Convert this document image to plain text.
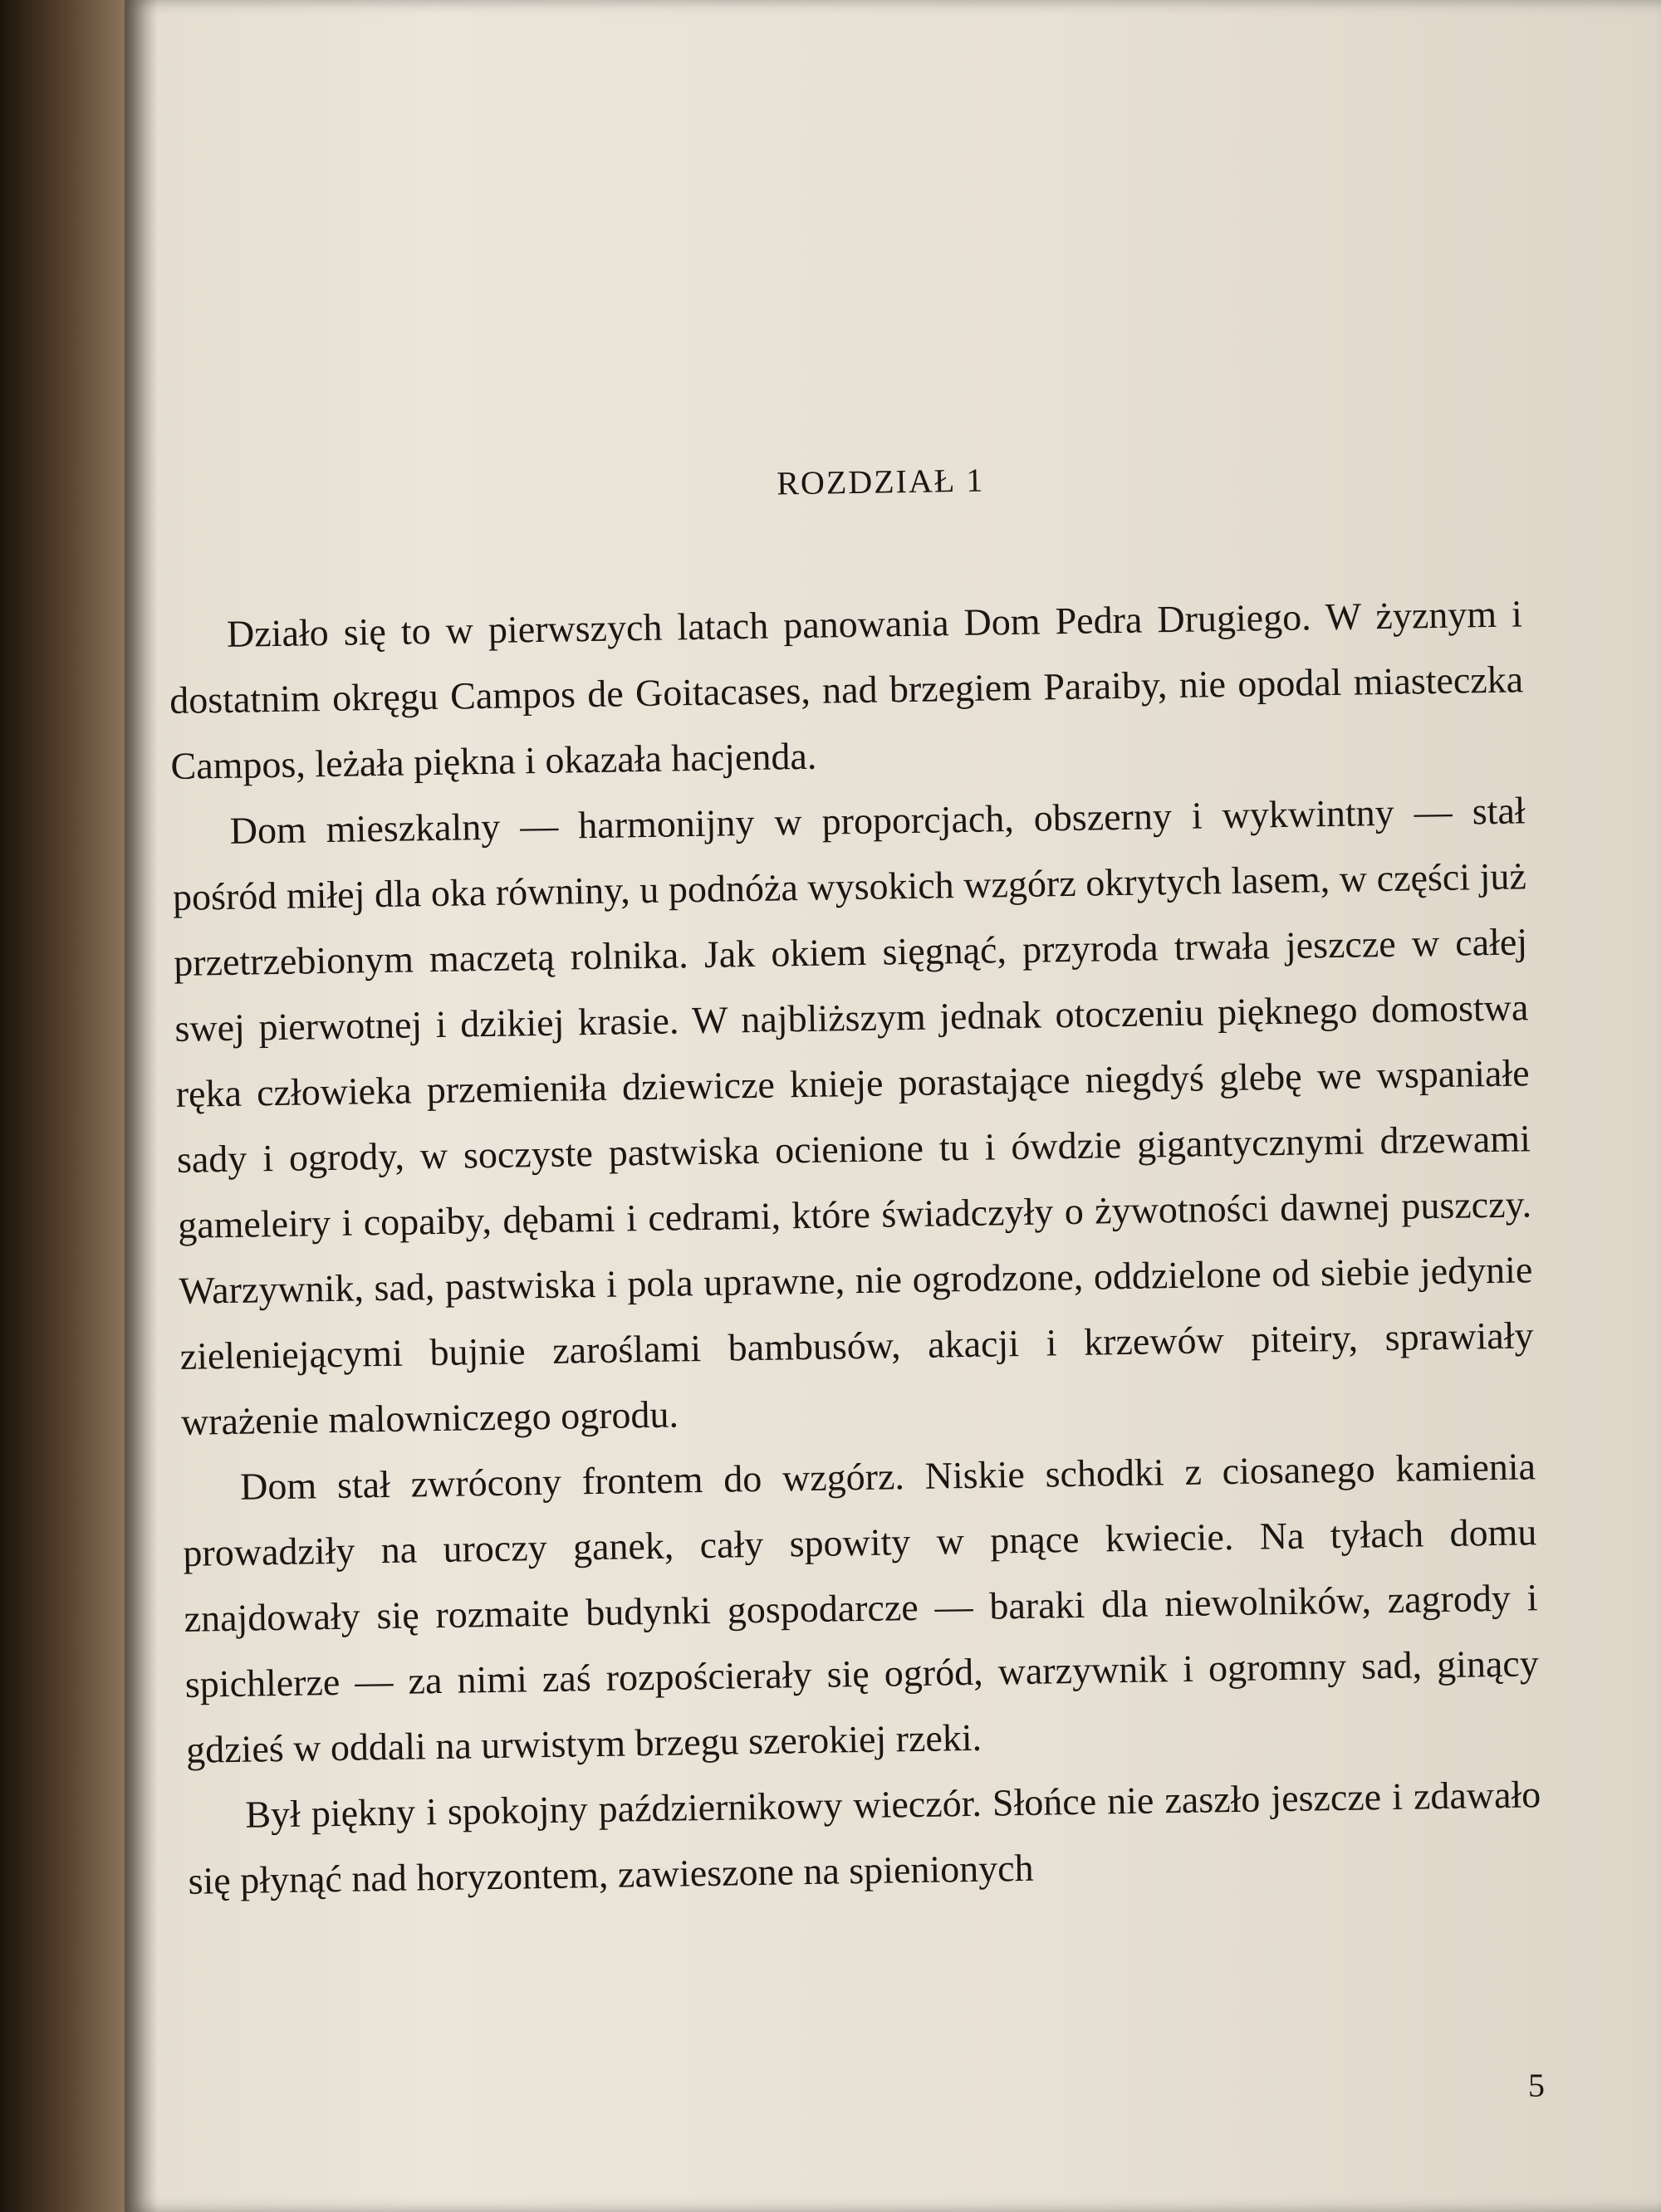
ROZDZIAŁ 1

Działo się to w pierwszych latach panowania Dom Pedra Drugiego. W żyznym i dostatnim okręgu Campos de Goitacases, nad brzegiem Paraiby, nie opodal miasteczka Campos, leżała piękna i okazała hacjenda.

Dom mieszkalny — harmonijny w proporcjach, obszerny i wykwintny — stał pośród miłej dla oka równiny, u podnóża wysokich wzgórz okrytych lasem, w części już przetrzebionym maczetą rolnika. Jak okiem sięgnąć, przyroda trwała jeszcze w całej swej pierwotnej i dzikiej krasie. W najbliższym jednak otoczeniu pięknego domostwa ręka człowieka przemieniła dziewicze knieje porastające niegdyś glebę we wspaniałe sady i ogrody, w soczyste pastwiska ocienione tu i ówdzie gigantycznymi drzewami gameleiry i copaiby, dębami i cedrami, które świadczyły o żywotności dawnej puszczy. Warzywnik, sad, pastwiska i pola uprawne, nie ogrodzone, oddzielone od siebie jedynie zieleniejącymi bujnie zaroślami bambusów, akacji i krzewów piteiry, sprawiały wrażenie malowniczego ogrodu.

Dom stał zwrócony frontem do wzgórz. Niskie schodki z ciosanego kamienia prowadziły na uroczy ganek, cały spowity w pnące kwiecie. Na tyłach domu znajdowały się rozmaite budynki gospodarcze — baraki dla niewolników, zagrody i spichlerze — za nimi zaś rozpościerały się ogród, warzywnik i ogromny sad, ginący gdzieś w oddali na urwistym brzegu szerokiej rzeki.

Był piękny i spokojny październikowy wieczór. Słońce nie zaszło jeszcze i zdawało się płynąć nad horyzontem, zawieszone na spienionych

5
